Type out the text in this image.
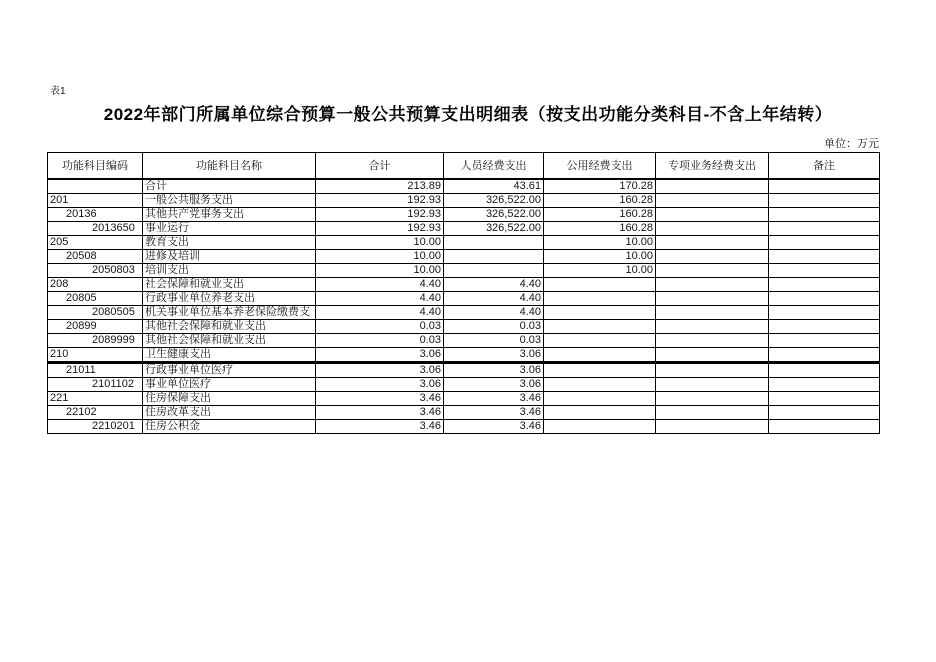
表1
2022年部门所属单位综合预算一般公共预算支出明细表（按支出功能分类科目-不含上年结转）
单位：万元
功能科目编码	功能科目名称	合计	人员经费支出	公用经费支出	专项业务经费支出	备注
	合计	213.89	43.61	170.28		
201	一般公共服务支出	192.93	326,522.00	160.28		
20136	其他共产党事务支出	192.93	326,522.00	160.28		
2013650	事业运行	192.93	326,522.00	160.28		
205	教育支出	10.00		10.00		
20508	进修及培训	10.00		10.00		
2050803	培训支出	10.00		10.00		
208	社会保障和就业支出	4.40	4.40			
20805	行政事业单位养老支出	4.40	4.40			
2080505	机关事业单位基本养老保险缴费支	4.40	4.40			
20899	其他社会保障和就业支出	0.03	0.03			
2089999	其他社会保障和就业支出	0.03	0.03			
210	卫生健康支出	3.06	3.06			
21011	行政事业单位医疗	3.06	3.06			
2101102	事业单位医疗	3.06	3.06			
221	住房保障支出	3.46	3.46			
22102	住房改革支出	3.46	3.46			
2210201	住房公积金	3.46	3.46			
